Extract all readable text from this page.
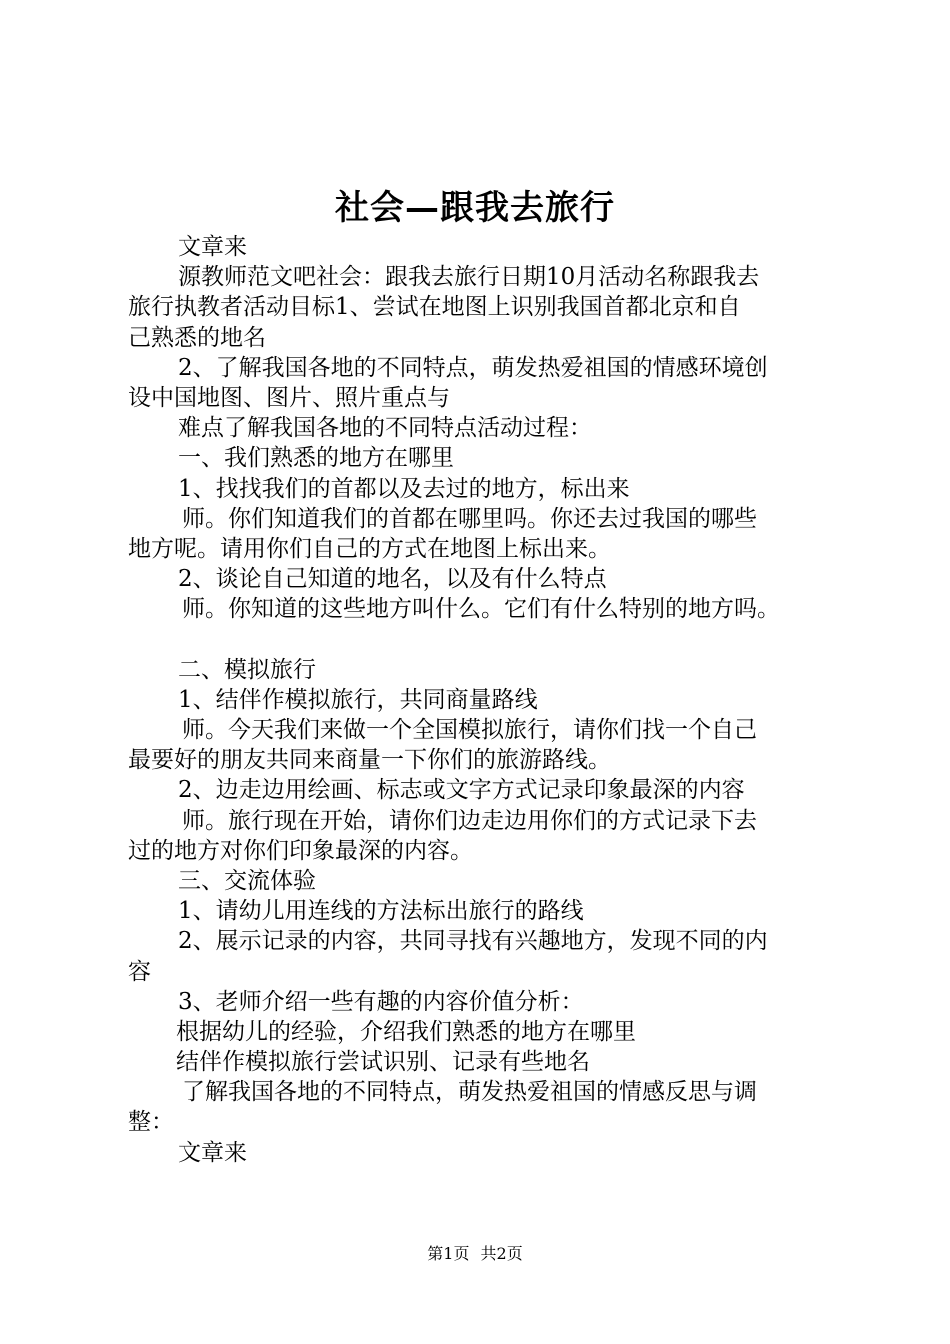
社会—跟我去旅行
文章来
源教师范文吧社会：跟我去旅行日期10月活动名称跟我去
旅行执教者活动目标1、尝试在地图上识别我国首都北京和自
己熟悉的地名
2、了解我国各地的不同特点，萌发热爱祖国的情感环境创
设中国地图、图片、照片重点与
难点了解我国各地的不同特点活动过程：
一、我们熟悉的地方在哪里
1、找找我们的首都以及去过的地方，标出来
师。你们知道我们的首都在哪里吗。你还去过我国的哪些
地方呢。请用你们自己的方式在地图上标出来。
2、谈论自己知道的地名，以及有什么特点
师。你知道的这些地方叫什么。它们有什么特别的地方吗。
二、模拟旅行
1、结伴作模拟旅行，共同商量路线
师。今天我们来做一个全国模拟旅行，请你们找一个自己
最要好的朋友共同来商量一下你们的旅游路线。
2、边走边用绘画、标志或文字方式记录印象最深的内容
师。旅行现在开始，请你们边走边用你们的方式记录下去
过的地方对你们印象最深的内容。
三、交流体验
1、请幼儿用连线的方法标出旅行的路线
2、展示记录的内容，共同寻找有兴趣地方，发现不同的内
容
3、老师介绍一些有趣的内容价值分析：
根据幼儿的经验，介绍我们熟悉的地方在哪里
结伴作模拟旅行尝试识别、记录有些地名
了解我国各地的不同特点，萌发热爱祖国的情感反思与调
整：
文章来
第1页 共2页
